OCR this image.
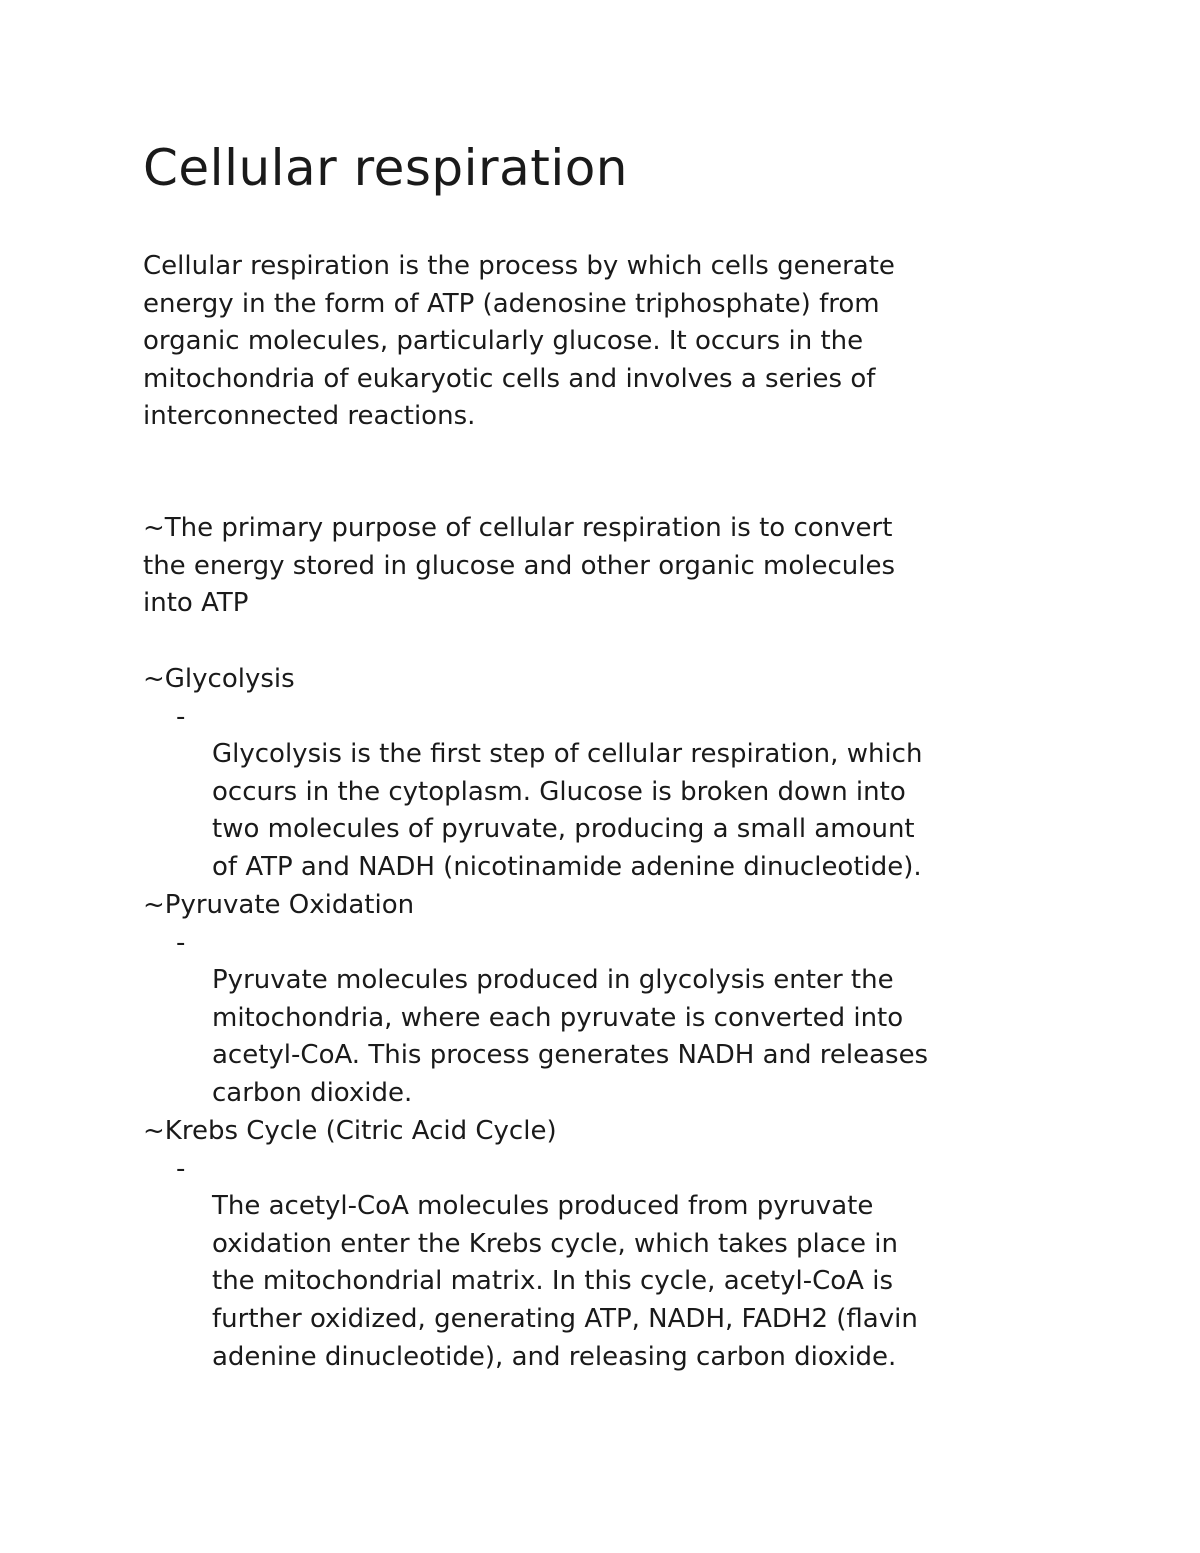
Cellular respiration

Cellular respiration is the process by which cells generate
energy in the form of ATP (adenosine triphosphate) from
organic molecules, particularly glucose. It occurs in the
mitochondria of eukaryotic cells and involves a series of
interconnected reactions.

~The primary purpose of cellular respiration is to convert
the energy stored in glucose and other organic molecules
into ATP

~Glycolysis

-
Glycolysis is the first step of cellular respiration, which
occurs in the cytoplasm. Glucose is broken down into
two molecules of pyruvate, producing a small amount
of ATP and NADH (nicotinamide adenine dinucleotide).

~Pyruvate Oxidation

-
Pyruvate molecules produced in glycolysis enter the
mitochondria, where each pyruvate is converted into
acetyl-CoA. This process generates NADH and releases
carbon dioxide.

~Krebs Cycle (Citric Acid Cycle)

-
The acetyl-CoA molecules produced from pyruvate
oxidation enter the Krebs cycle, which takes place in
the mitochondrial matrix. In this cycle, acetyl-CoA is
further oxidized, generating ATP, NADH, FADH2 (flavin
adenine dinucleotide), and releasing carbon dioxide.
